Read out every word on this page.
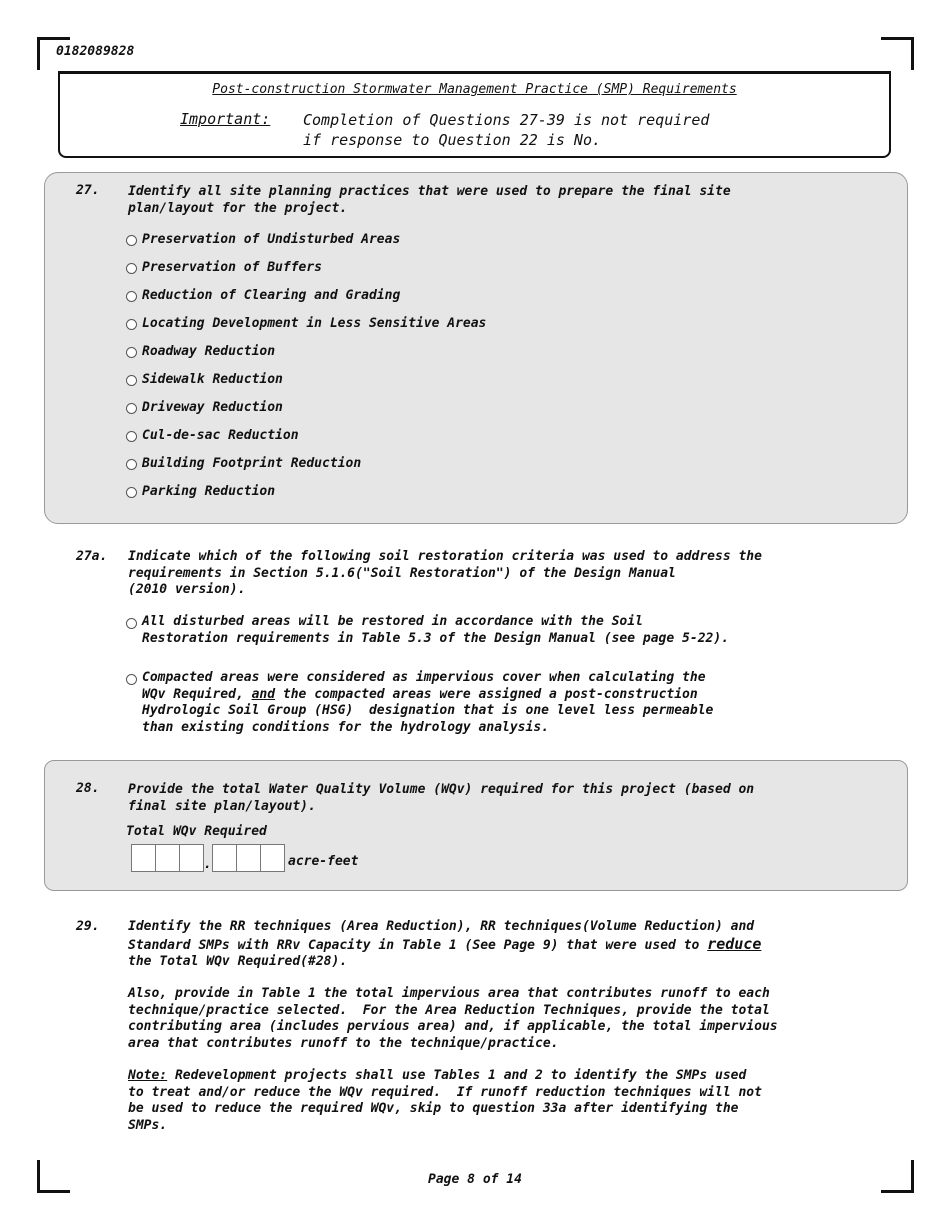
0182089828
Post-construction Stormwater Management Practice (SMP) Requirements
Important: Completion of Questions 27-39 is not required
if response to Question 22 is No.
27. Identify all site planning practices that were used to prepare the final site
plan/layout for the project.
Preservation of Undisturbed Areas
Preservation of Buffers
Reduction of Clearing and Grading
Locating Development in Less Sensitive Areas
Roadway Reduction
Sidewalk Reduction
Driveway Reduction
Cul-de-sac Reduction
Building Footprint Reduction
Parking Reduction
27a. Indicate which of the following soil restoration criteria was used to address the
requirements in Section 5.1.6("Soil Restoration") of the Design Manual
(2010 version).
All disturbed areas will be restored in accordance with the Soil
Restoration requirements in Table 5.3 of the Design Manual (see page 5-22).
Compacted areas were considered as impervious cover when calculating the
WQv Required, and the compacted areas were assigned a post-construction
Hydrologic Soil Group (HSG)  designation that is one level less permeable
than existing conditions for the hydrology analysis.
28. Provide the total Water Quality Volume (WQv) required for this project (based on
final site plan/layout).
Total WQv Required
.	acre-feet
29. Identify the RR techniques (Area Reduction), RR techniques(Volume Reduction) and
Standard SMPs with RRv Capacity in Table 1 (See Page 9) that were used to reduce
the Total WQv Required(#28).
Also, provide in Table 1 the total impervious area that contributes runoff to each
technique/practice selected.  For the Area Reduction Techniques, provide the total
contributing area (includes pervious area) and, if applicable, the total impervious
area that contributes runoff to the technique/practice.
Note: Redevelopment projects shall use Tables 1 and 2 to identify the SMPs used
to treat and/or reduce the WQv required.  If runoff reduction techniques will not
be used to reduce the required WQv, skip to question 33a after identifying the
SMPs.
Page 8 of 14
